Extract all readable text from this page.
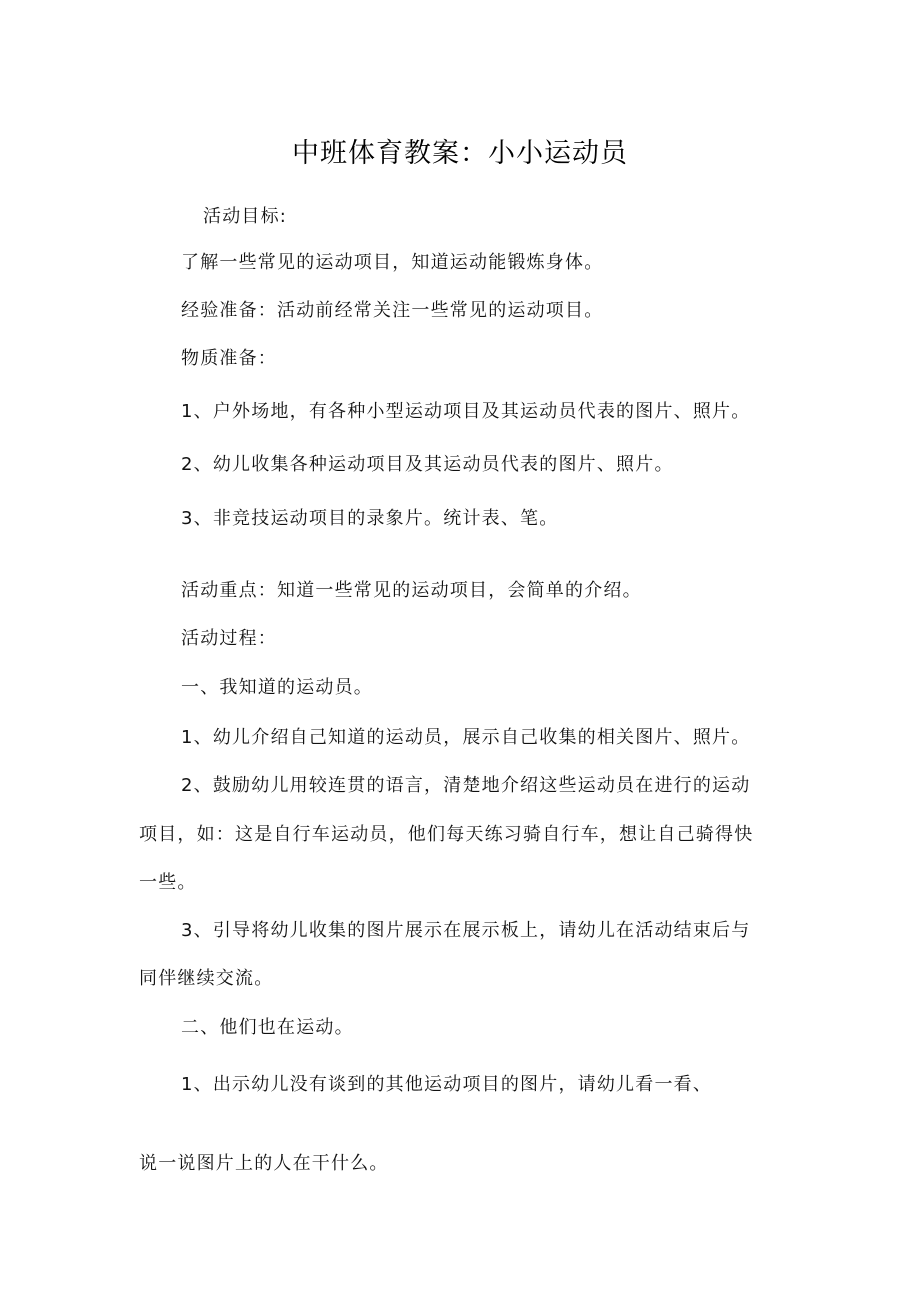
中班体育教案：小小运动员
活动目标:
了解一些常见的运动项目，知道运动能锻炼身体。
经验准备：活动前经常关注一些常见的运动项目。
物质准备：
1、户外场地，有各种小型运动项目及其运动员代表的图片、照片。
2、幼儿收集各种运动项目及其运动员代表的图片、照片。
3、非竞技运动项目的录象片。统计表、笔。
活动重点：知道一些常见的运动项目，会简单的介绍。
活动过程：
一、我知道的运动员。
1、幼儿介绍自己知道的运动员，展示自己收集的相关图片、照片。
2、鼓励幼儿用较连贯的语言，清楚地介绍这些运动员在进行的运动
项目，如：这是自行车运动员，他们每天练习骑自行车，想让自己骑得快
一些。
3、引导将幼儿收集的图片展示在展示板上，请幼儿在活动结束后与
同伴继续交流。
二、他们也在运动。
1、出示幼儿没有谈到的其他运动项目的图片，请幼儿看一看、
说一说图片上的人在干什么。
